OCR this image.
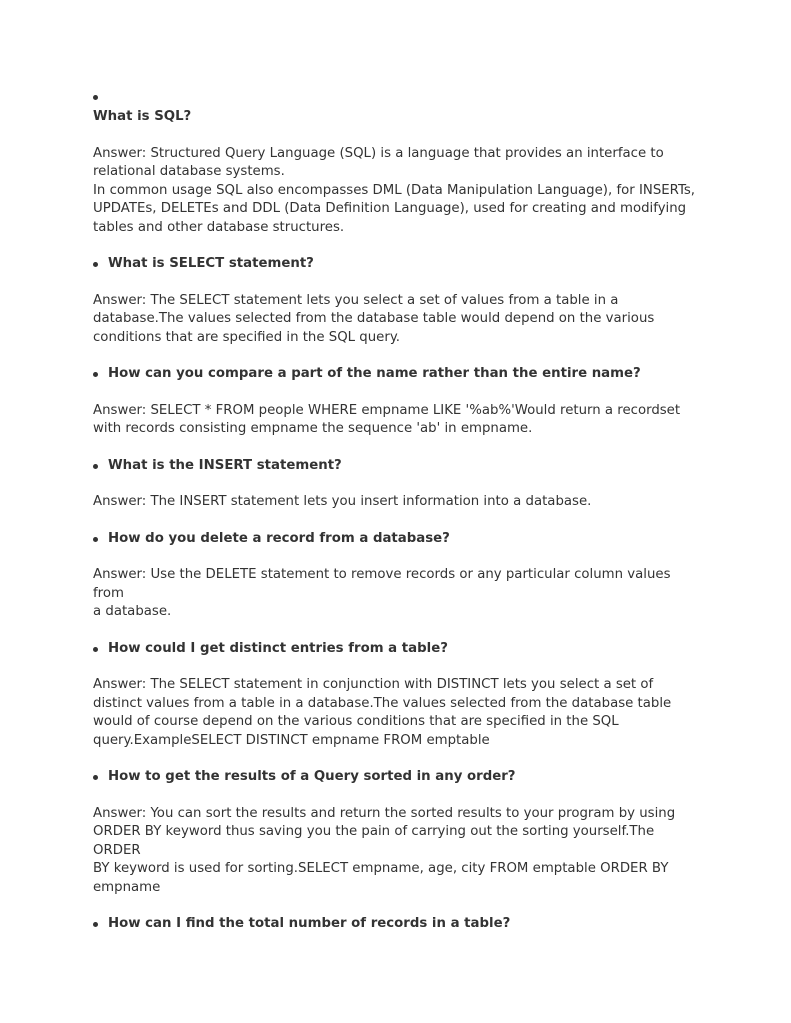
What is SQL?

Answer: Structured Query Language (SQL) is a language that provides an interface to
relational database systems.
In common usage SQL also encompasses DML (Data Manipulation Language), for INSERTs,
UPDATEs, DELETEs and DDL (Data Definition Language), used for creating and modifying
tables and other database structures.

What is SELECT statement?

Answer: The SELECT statement lets you select a set of values from a table in a
database.The values selected from the database table would depend on the various
conditions that are specified in the SQL query.

How can you compare a part of the name rather than the entire name?

Answer: SELECT * FROM people WHERE empname LIKE '%ab%'Would return a recordset
with records consisting empname the sequence 'ab' in empname.

What is the INSERT statement?

Answer: The INSERT statement lets you insert information into a database.

How do you delete a record from a database?

Answer: Use the DELETE statement to remove records or any particular column values from
a database.

How could I get distinct entries from a table?

Answer: The SELECT statement in conjunction with DISTINCT lets you select a set of
distinct values from a table in a database.The values selected from the database table
would of course depend on the various conditions that are specified in the SQL
query.ExampleSELECT DISTINCT empname FROM emptable

How to get the results of a Query sorted in any order?

Answer: You can sort the results and return the sorted results to your program by using
ORDER BY keyword thus saving you the pain of carrying out the sorting yourself.The ORDER
BY keyword is used for sorting.SELECT empname, age, city FROM emptable ORDER BY
empname

How can I find the total number of records in a table?
